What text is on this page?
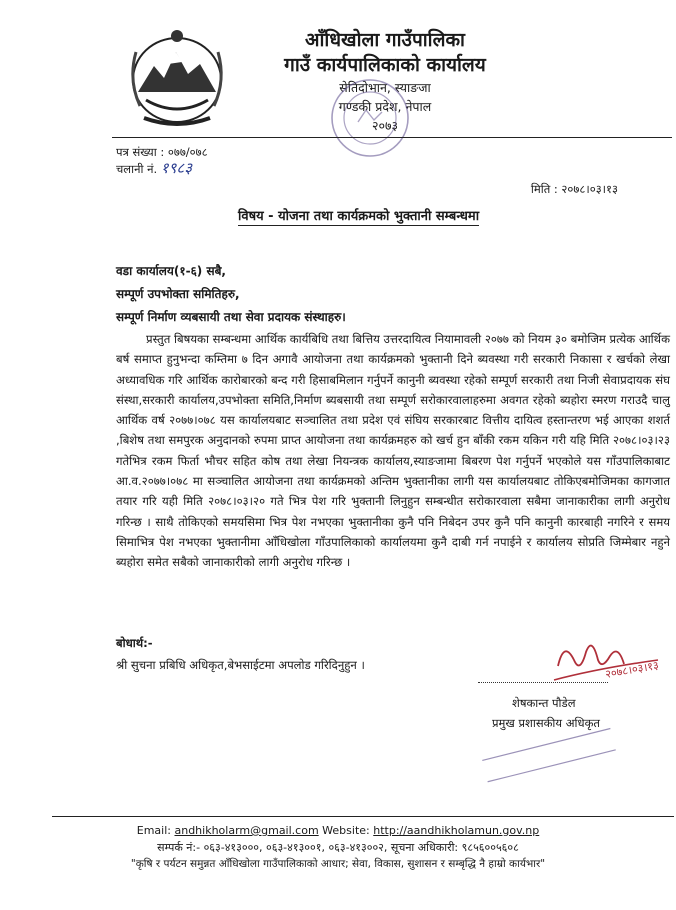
आँधिखोला गाउँपालिका
गाउँ कार्यपालिकाको कार्यालय
सेतिदोभान, स्याङजा
गण्डकी प्रदेश, नेपाल
२०७३
पत्र संख्या : ०७७/०७८
चलानी नं. १९८३
मिति : २०७८।०३।१३
विषय - योजना तथा कार्यक्रमको भुक्तानी सम्बन्धमा
वडा कार्यालय(१-६) सबै,
सम्पूर्ण उपभोक्ता समितिहरु,
सम्पूर्ण निर्माण व्यबसायी तथा सेवा प्रदायक संस्थाहरु।
प्रस्तुत बिषयका सम्बन्धमा आर्थिक कार्यबिधि तथा बित्तिय उत्तरदायित्व नियामावली २०७७ को नियम ३० बमोजिम प्रत्येक आर्थिक बर्ष समाप्त हुनुभन्दा कम्तिमा ७ दिन अगावै आयोजना तथा कार्यक्रमको भुक्तानी दिने ब्यवस्था गरी सरकारी निकासा र खर्चको लेखा अध्यावधिक गरि आर्थिक कारोबारको बन्द गरी हिसाबमिलान गर्नुपर्ने कानुनी ब्यवस्था रहेको सम्पूर्ण सरकारी तथा निजी सेवाप्रदायक संघ संस्था,सरकारी कार्यालय,उपभोक्ता समिति,निर्माण ब्यबसायी तथा सम्पूर्ण सरोकारवालाहरुमा अवगत रहेको ब्यहोरा स्मरण गराउदै चालु आर्थिक वर्ष २०७७।०७८ यस कार्यालयबाट सञ्चालित तथा प्रदेश एवं संघिय सरकारबाट वित्तीय दायित्व हस्तान्तरण भई आएका शशर्त ,बिशेष तथा समपुरक अनुदानको रुपमा प्राप्त आयोजना तथा कार्यक्रमहरु को खर्च हुन बाँकी रकम यकिन गरी यहि मिति २०७८।०३।२३ गतेभित्र रकम फिर्ता भौचर सहित कोष तथा लेखा नियन्त्रक कार्यालय,स्याङजामा बिबरण पेश गर्नुपर्ने भएकोले यस गाँउपालिकाबाट आ.व.२०७७।०७८ मा सञ्चालित आयोजना तथा कार्यक्रमको अन्तिम भुक्तानीका लागी यस कार्यालयबाट तोकिएबमोजिमका कागजात तयार गरि यही मिति २०७८।०३।२० गते भित्र पेश गरि भुक्तानी लिनुहुन सम्बन्धीत सरोकारवाला सबैमा जानाकारीका लागी अनुरोध गरिन्छ । साथै तोकिएको समयसिमा भित्र पेश नभएका भुक्तानीका कुनै पनि निबेदन उपर कुनै पनि कानुनी कारबाही नगरिने र समय सिमाभित्र पेश नभएका भुक्तानीमा आँधिखोला गाँउपालिकाको कार्यालयमा कुनै दाबी गर्न नपाईने र कार्यालय सोप्रति जिम्मेबार नहुने ब्यहोरा समेत सबैको जानाकारीको लागी अनुरोध गरिन्छ ।
बोधार्थ:-
श्री सुचना प्रबिधि अधिकृत,बेभसाईटमा अपलोड गरिदिनुहुन ।	२०७८।०३।१३
शेषकान्त पौडेल
प्रमुख प्रशासकीय अधिकृत
Email: andhikholarm@gmail.com Website: http://aandhikholamun.gov.np
सम्पर्क नं:- ०६३-४१३०००, ०६३-४१३००१, ०६३-४१३००२, सूचना अधिकारी: ९८५६००५६०८
"कृषि र पर्यटन समुन्नत आँधिखोला गाउँपालिकाको आधार; सेवा, विकास, सुशासन र सम्बृद्धि नै हाम्रो कार्यभार"
